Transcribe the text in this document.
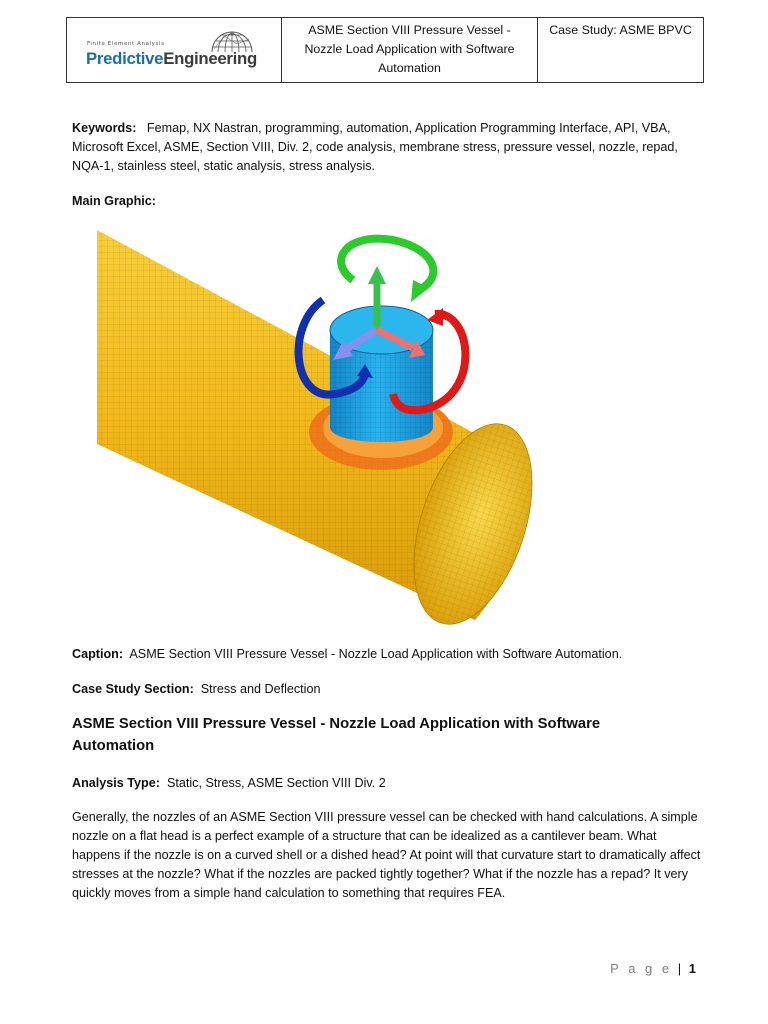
Finite Element Analysis
PredictiveEngineering
ASME Section VIII Pressure Vessel -
Nozzle Load Application with Software
Automation
Case Study: ASME BPVC

Keywords: Femap, NX Nastran, programming, automation, Application Programming Interface, API, VBA, Microsoft Excel, ASME, Section VIII, Div. 2, code analysis, membrane stress, pressure vessel, nozzle, repad, NQA-1, stainless steel, static analysis, stress analysis.

Main Graphic:

Caption: ASME Section VIII Pressure Vessel - Nozzle Load Application with Software Automation.

Case Study Section: Stress and Deflection

ASME Section VIII Pressure Vessel - Nozzle Load Application with Software Automation

Analysis Type: Static, Stress, ASME Section VIII Div. 2

Generally, the nozzles of an ASME Section VIII pressure vessel can be checked with hand calculations. A simple nozzle on a flat head is a perfect example of a structure that can be idealized as a cantilever beam. What happens if the nozzle is on a curved shell or a dished head? At point will that curvature start to dramatically affect stresses at the nozzle? What if the nozzles are packed tightly together? What if the nozzle has a repad? It very quickly moves from a simple hand calculation to something that requires FEA.

P a g e | 1
